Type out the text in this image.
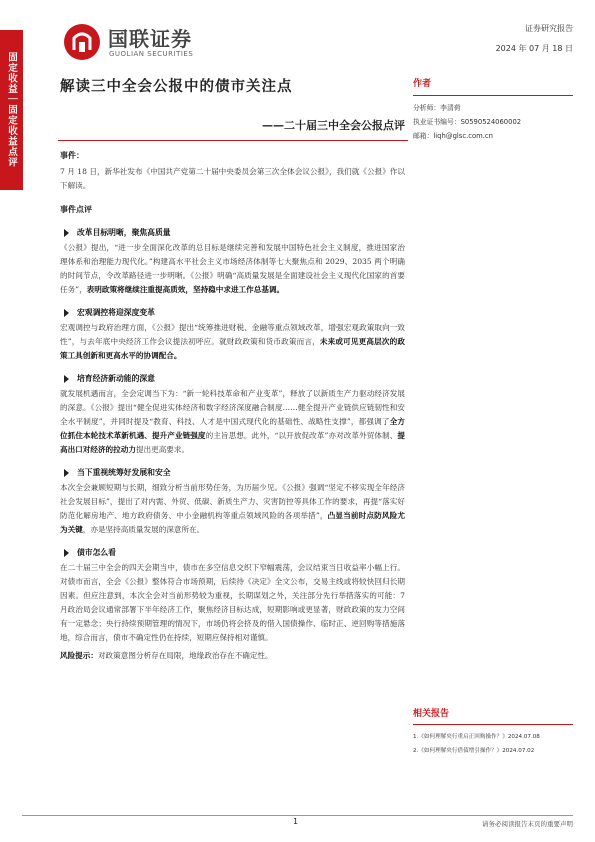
固定收益｜固定收益点评
国联证券
GUOLIAN SECURITIES
证券研究报告
2024 年 07 月 18 日
解读三中全会公报中的债市关注点
——二十届三中全会公报点评
作者
分析师：李清荷
执业证书编号：S0590524060002
邮箱：liqh@glsc.com.cn
事件：

7 月 18 日，新华社发布《中国共产党第二十届中央委员会第三次全体会议公报》，我们就《公报》作以下解读。

事件点评
改革目标明晰，聚焦高质量

《公报》提出，“进一步全面深化改革的总目标是继续完善和发展中国特色社会主义制度，推进国家治理体系和治理能力现代化。”构建高水平社会主义市场经济体制等七大聚焦点和 2029、2035 两个明确的时间节点，令改革路径进一步明晰。《公报》明确“高质量发展是全面建设社会主义现代化国家的首要任务”，表明政策将继续注重提高质效，坚持稳中求进工作总基调。

宏观调控将迎深度变革

宏观调控与政府治理方面，《公报》提出“统筹推进财税、金融等重点领域改革，增强宏观政策取向一致性”，与去年底中央经济工作会议提法初呼应。就财政政策和货币政策而言，未来或可见更高层次的政策工具创新和更高水平的协调配合。

培育经济新动能的深意

就发展机遇而言，全会定调当下为：“新一轮科技革命和产业变革”，释放了以新质生产力驱动经济发展的深意。《公报》提出“健全促进实体经济和数字经济深度融合制度……健全提升产业链供应链韧性和安全水平制度”，并同时提及“教育、科技、人才是中国式现代化的基础性、战略性支撑”，都强调了全方位抓住本轮技术革新机遇、提升产业链强度的主旨思想。此外，“以开放促改革”亦对改革外贸体制、提高出口对经济的拉动力提出更高要求。

当下重视统筹好发展和安全

本次全会兼顾短期与长期，细致分析当前形势任务，为历届少见。《公报》强调“坚定不移实现全年经济社会发展目标”，提出了对内需、外贸、低碳、新质生产力、灾害防控等具体工作的要求，再提“落实好防范化解房地产、地方政府债务、中小金融机构等重点领域风险的各项举措”，凸显当前时点防风险尤为关键，亦是坚持高质量发展的深意所在。

债市怎么看

在二十届三中全会的四天会期当中，债市在多空信息交织下窄幅震荡，会议结束当日收益率小幅上行。对债市而言，全会《公报》整体符合市场预期，后续待《决定》全文公布，交易主线或将较快回归长期因素。但应注意到，本次全会对当前形势较为重视，长期谋划之外，关注部分先行举措落实的可能：7 月政治局会议通常部署下半年经济工作，聚焦经济目标达成，短期影响或更显著，财政政策的发力空间有一定悬念；央行持续预期管理的情况下，市场仍将会挤及的借入国债操作、临时正、逆回购等措施落地，综合而言，债市不确定性仍在持续，短期应保持相对谨慎。

风险提示：对政策意图分析存在局限，地缘政治存在不确定性。

相关报告
1.《如何理解央行重启正回购操作？》2024.07.08
2.《如何理解央行借债增引操作？》2024.07.02
1	请务必阅读报告末页的重要声明
